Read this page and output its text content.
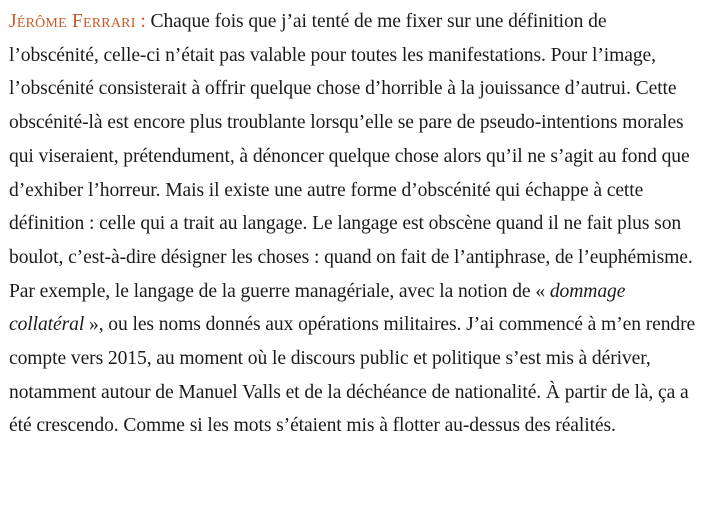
Jérôme Ferrari : Chaque fois que j’ai tenté de me fixer sur une définition de l’obscénité, celle-ci n’était pas valable pour toutes les manifestations. Pour l’image, l’obscénité consisterait à offrir quelque chose d’horrible à la jouissance d’autrui. Cette obscénité-là est encore plus troublante lorsqu’elle se pare de pseudo-intentions morales qui viseraient, prétendument, à dénoncer quelque chose alors qu’il ne s’agit au fond que d’exhiber l’horreur. Mais il existe une autre forme d’obscénité qui échappe à cette définition : celle qui a trait au langage. Le langage est obscène quand il ne fait plus son boulot, c’est-à-dire désigner les choses : quand on fait de l’antiphrase, de l’euphémisme. Par exemple, le langage de la guerre managériale, avec la notion de « dommage collatéral », ou les noms donnés aux opérations militaires. J’ai commencé à m’en rendre compte vers 2015, au moment où le discours public et politique s’est mis à dériver, notamment autour de Manuel Valls et de la déchéance de nationalité. À partir de là, ça a été crescendo. Comme si les mots s’étaient mis à flotter au-dessus des réalités.
